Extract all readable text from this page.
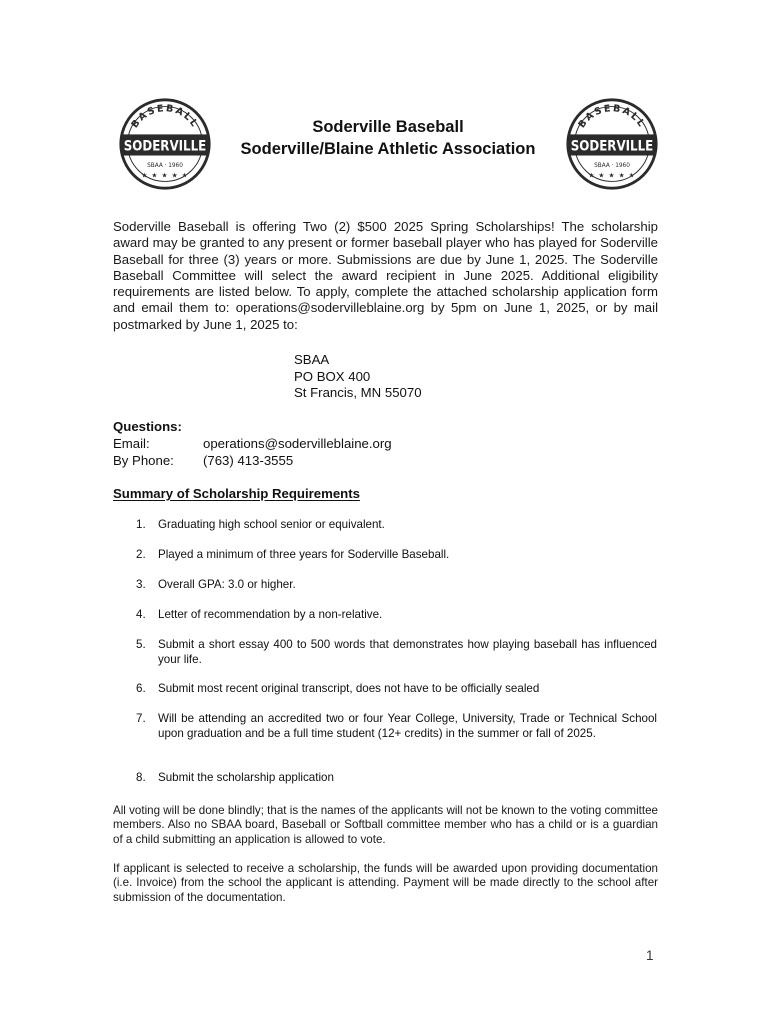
BASEBALL
SODERVILLE
SBAA · 1960
★ ★ ★ ★ ★
Soderville Baseball
Soderville/Blaine Athletic Association
BASEBALL
SODERVILLE
SBAA · 1960
★ ★ ★ ★ ★
Soderville Baseball is offering Two (2) $500 2025 Spring Scholarships! The scholarship award may be granted to any present or former baseball player who has played for Soderville Baseball for three (3) years or more. Submissions are due by June 1, 2025. The Soderville Baseball Committee will select the award recipient in June 2025. Additional eligibility requirements are listed below. To apply, complete the attached scholarship application form and email them to: operations@sodervilleblaine.org by 5pm on June 1, 2025, or by mail postmarked by June 1, 2025 to:
SBAA
PO BOX 400
St Francis, MN 55070
Questions:
Email:	operations@sodervilleblaine.org
By Phone:	(763) 413-3555
Summary of Scholarship Requirements
1.	Graduating high school senior or equivalent.
2.	Played a minimum of three years for Soderville Baseball.
3.	Overall GPA: 3.0 or higher.
4.	Letter of recommendation by a non-relative.
5.	Submit a short essay 400 to 500 words that demonstrates how playing baseball has influenced your life.
6.	Submit most recent original transcript, does not have to be officially sealed
7.	Will be attending an accredited two or four Year College, University, Trade or Technical School upon graduation and be a full time student (12+ credits) in the summer or fall of 2025.
8.	Submit the scholarship application
All voting will be done blindly; that is the names of the applicants will not be known to the voting committee members. Also no SBAA board, Baseball or Softball committee member who has a child or is a guardian of a child submitting an application is allowed to vote.
If applicant is selected to receive a scholarship, the funds will be awarded upon providing documentation (i.e. Invoice) from the school the applicant is attending. Payment will be made directly to the school after submission of the documentation.
1
